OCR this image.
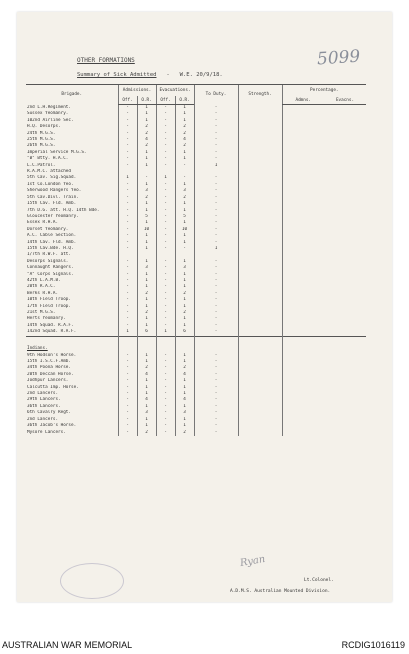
5099
OTHER FORMATIONS
Summary of Sick Admitted   -   W.E. 20/9/18.
Brigade.	Admissions.		Evacuations.		To Duty.	Strength.	Percentage.	
	Off.	O.R.	Off.	O.R.			Admns.	Evacns.
2nd L.H.Regiment.	-	1	-	1	-			
Sussex Yeomanry.	-	1	-	1	-			
102nd Airline Sec.	-	1	-	1	-			
H.Q. Desorps.	-	2	-	2	-			
24th M.G.S.	-	2	-	2	-			
25th M.G.S.	-	4	-	4	-			
26th M.G.S.	-	2	-	2	-			
Imperial Service M.G.S.	-	1	-	1	-			
"B" Btty. H.A.C.	-	1	-	1	-			
L.C.Patrol.	-	1	-	-	1			
R.A.M.C. attached								
5th Cav. Sig.Squad.	1	-	1	-	-			
1st Co.London Yeo.	-	1	-	1	-			
Sherwood Rangers Yeo.	-	3	-	3	-			
5th Cav.Divl. Train.	-	2	-	2	-			
15th Cav. Fld. Amb.	-	1	-	1	-			
7th D.G. att. H.Q. 14th Bde.	-	1	-	1	-			
Gloucester Yeomanry.	-	5	-	5	-			
Essex R.H.A.	-	1	-	1	-			
Dorset Yeomanry.	-	10	-	10	-			
A.C. Cable Section.	-	1	-	1	-			
14th Cav. Fld. Amb.	-	1	-	1	-			
15th Cav.Bde. H.Q.	-	1	-	-	1			
1/7th R.W.F. att.								
Desorps Signals.	-	1	-	1	-			
Connaught Rangers.	-	3	-	3	-			
"A" Corps Signals.	-	1	-	1	-			
42th L.A.M.B.	-	1	-	1	-			
20th R.A.C.	-	1	-	1	-			
Berks R.H.A.	-	2	-	2	-			
10th Field Troop.	-	1	-	1	-			
17th Field Troop.	-	1	-	1	-			
21st M.G.S.	-	2	-	2	-			
Herts Yeomanry.	-	1	-	1	-			
14th Squad. R.A.F.	-	1	-	1	-			
142nd Squad. R.A.F.	1	6	1	6	-			

Indians.								
9th Hodson's Horse.	-	1	-	1	-			
15th I.S.C.F.Amb.	-	1	-	1	-			
34th Poona Horse.	-	2	-	2	-			
20th Deccan Horse.	-	4	-	4	-			
Jodhpur Lancers.	-	1	-	1	-			
Calcutta Imp. Horse.	-	1	-	1	-			
2nd Lancers.	-	1	-	1	-			
29th Lancers.	-	4	-	4	-			
36th Lancers.	-	1	-	1	-			
6th Cavalry Regt.	-	3	-	3	-			
2nd Lancers.	-	1	-	1	-			
36th Jacob's Horse.	-	1	-	1	-			
Mysore Lancers.	-	2	-	2	-			
Ryan
Lt.Colonel.
A.D.M.S. Australian Mounted Division.
AUSTRALIAN WAR MEMORIAL	RCDIG1016119
